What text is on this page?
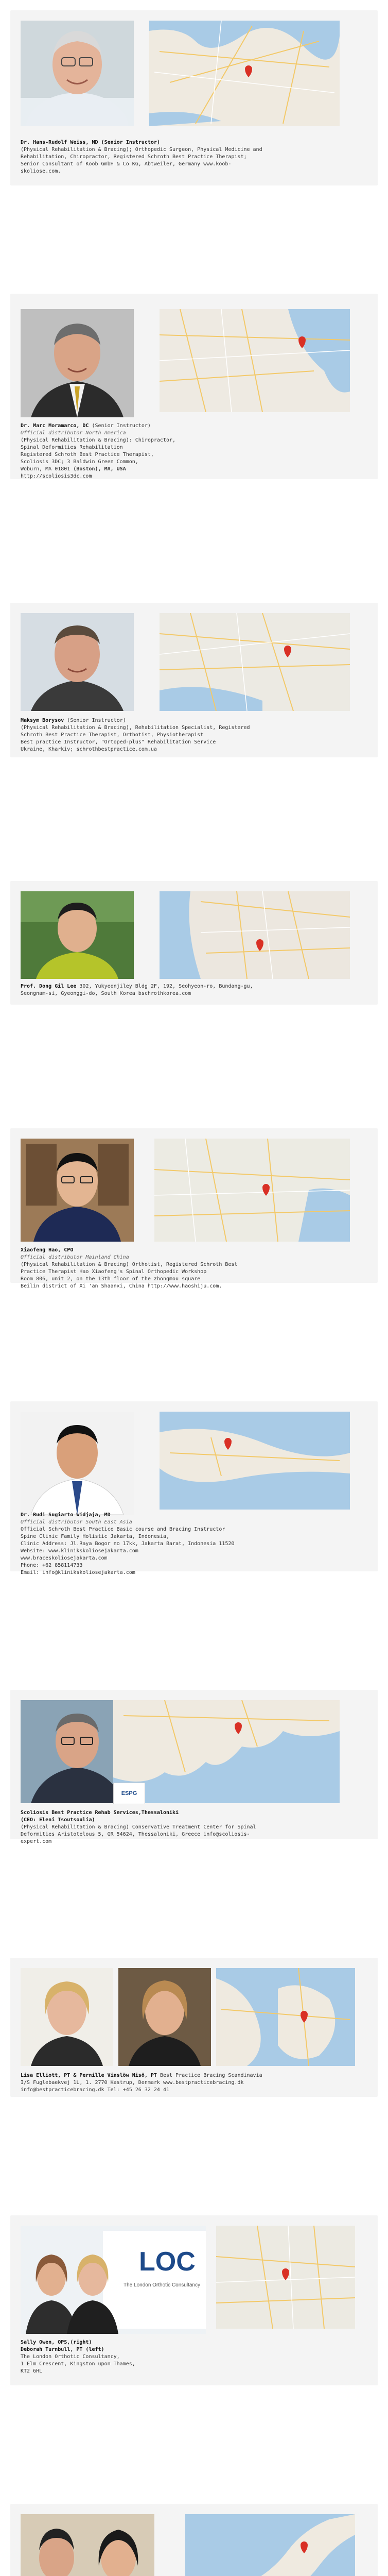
Dr. Hans-Rudolf Weiss, MD (Senior Instructor)

(Physical Rehabilitation & Bracing); Orthopedic Surgeon, Physical Medicine and

Rehabilitation, Chiropractor, Registered Schroth Best Practice Therapist;

Senior Consultant of Koob GmbH & Co KG, Abtweiler, Germany www.koob-

skoliose.com.

Dr. Marc Moramarco, DC (Senior Instructor)

Official distributor North America

(Physical Rehabilitation & Bracing): Chiropractor,

Spinal Deformities Rehabilitation

Registered Schroth Best Practice Therapist,

Scoliosis 3DC; 3 Baldwin Green Common,

Woburn, MA 01801 (Boston), MA, USA

http://scoliosis3dc.com

Maksym Borysov (Senior Instructor)

(Physical Rehabilitation & Bracing), Rehabilitation Specialist, Registered

Schroth Best Practice Therapist, Orthotist, Physiotherapist

Best practice Instructor, "Ortoped-plus" Rehabilitation Service

Ukraine, Kharkiv; schrothbestpractice.com.ua

Prof. Dong Gil Lee 302, Yukyeonjiley Bldg 2F, 192, Seohyeon-ro, Bundang-gu,

Seongnam-si, Gyeonggi-do, South Korea bschrothkorea.com

Xiaofeng Hao, CPO

Official distributor Mainland China

(Physical Rehabilitation & Bracing) Orthotist, Registered Schroth Best

Practice Therapist Hao Xiaofeng's Spinal Orthopedic Workshop

Room 806, unit 2, on the 13th floor of the zhongmou square

Beilin district of Xi 'an Shaanxi, China http://www.haoshiju.com.

Dr. Rudi Sugiarto Widjaja, MD

Official distributor South East Asia

Official Schroth Best Practice Basic course and Bracing Instructor

Spine Clinic Family Holistic Jakarta, Indonesia,

Clinic Address: Jl.Raya Bogor no 17kk, Jakarta Barat, Indonesia 11520

Website: www.klinikskoliosejakarta.com

www.braceskoliosejakarta.com

Phone: +62 858114733

Email: info@klinikskoliosejakarta.com

ESPG

Scoliosis Best Practice Rehab Services,Thessaloniki

(CEO: Eleni Tsoutsoulia)

(Physical Rehabilitation & Bracing) Conservative Treatment Center for Spinal

Deformities Aristotelous 5, GR 54624, Thessaloniki, Greece info@scoliosis-

expert.com

Lisa Elliott, PT & Pernille Vinslöw Nisö, PT Best Practice Bracing Scandinavia

I/S Fuglebaekvej 1L, 1. 2770 Kastrup, Denmark www.bestpracticebracing.dk

info@bestpracticebracing.dk Tel: +45 26 32 24 41

LOC
The London Orthotic Consultancy

Sally Owen, OPS,(right)

Deborah Turnbull, PT (left)

The London Orthotic Consultancy,

1 Elm Crescent, Kingston upon Thames,

KT2 6HL
